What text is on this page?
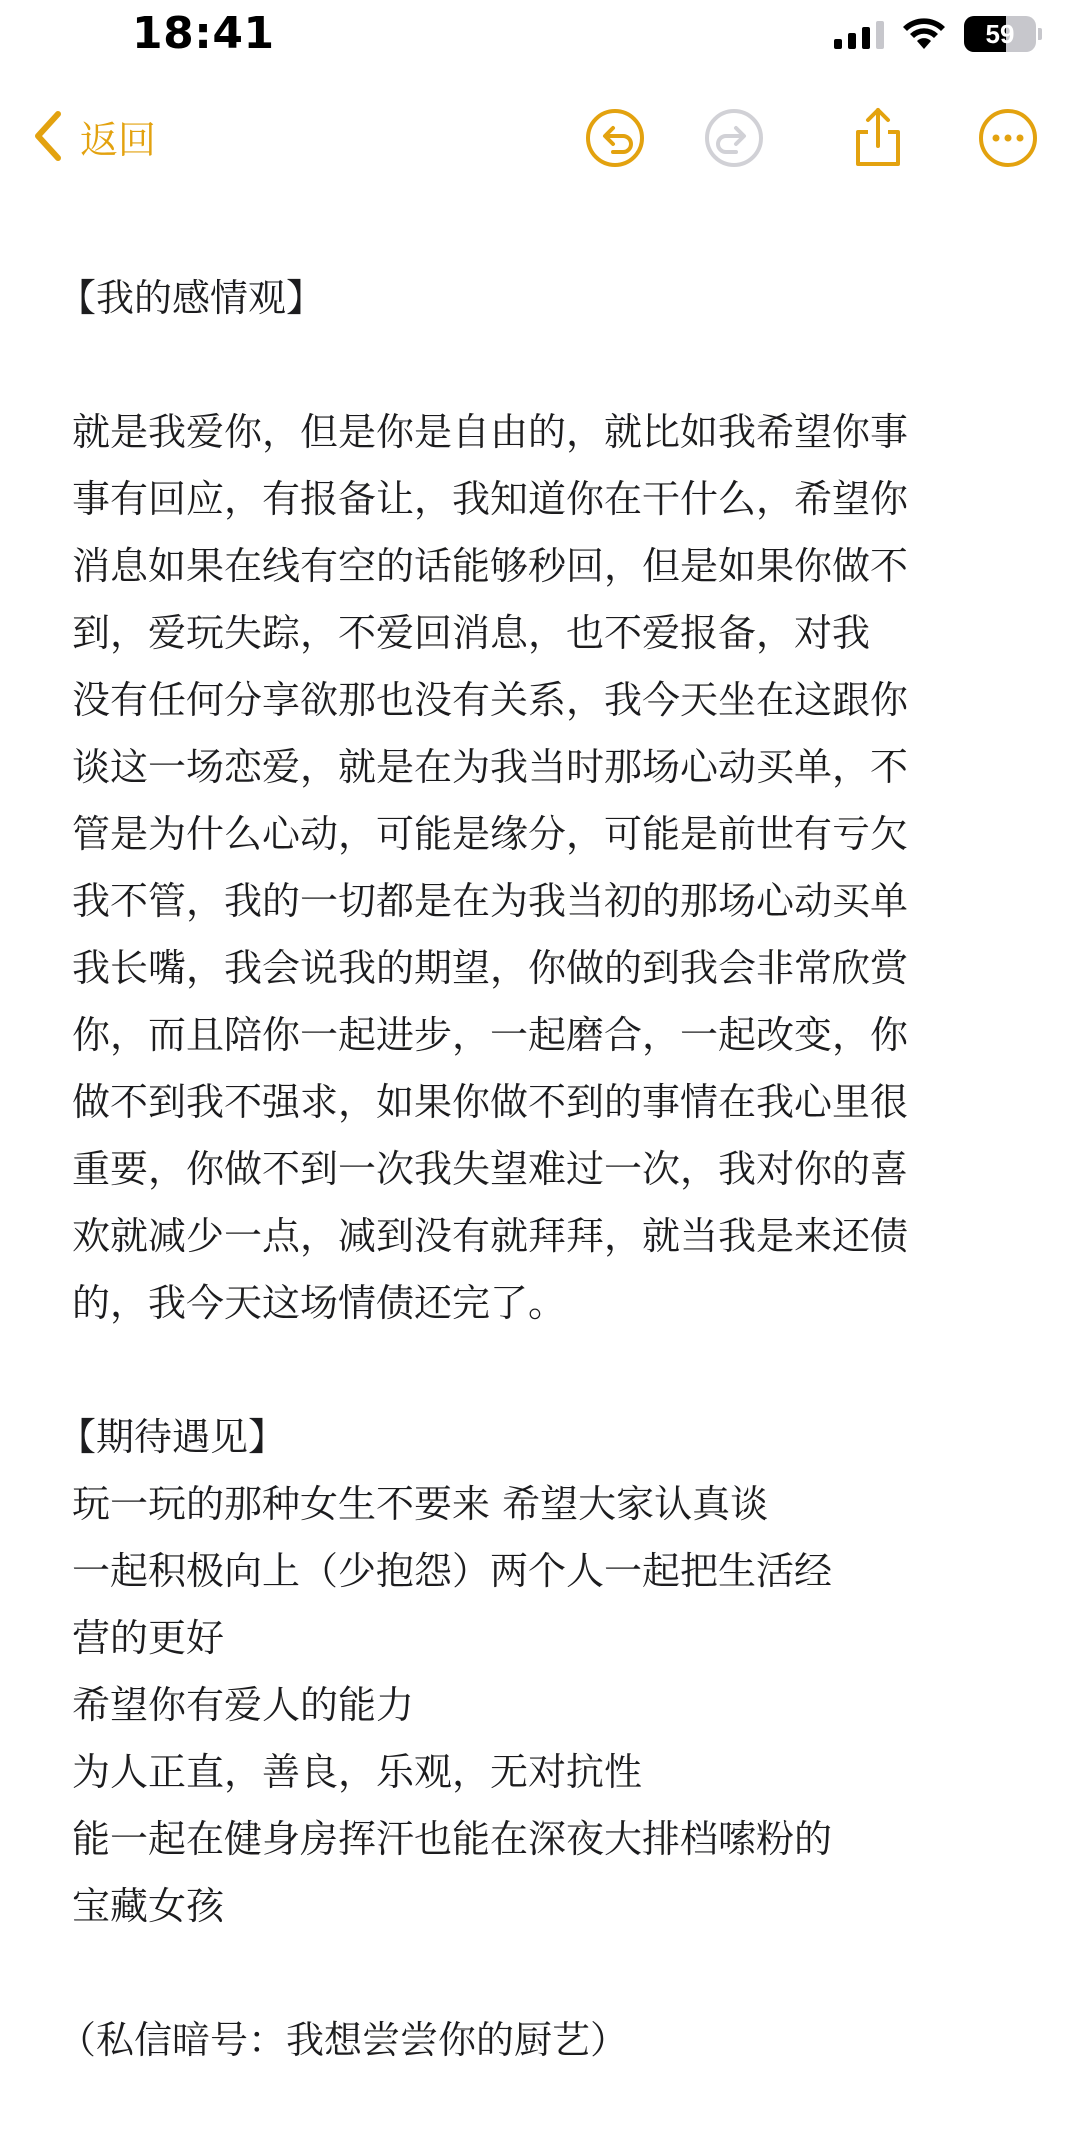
18:41	59
返回

【我的感情观】

就是我爱你，但是你是自由的，就比如我希望你事
事有回应，有报备让，我知道你在干什么，希望你
消息如果在线有空的话能够秒回，但是如果你做不
到，爱玩失踪，不爱回消息，也不爱报备，对我
没有任何分享欲那也没有关系，我今天坐在这跟你
谈这一场恋爱，就是在为我当时那场心动买单，不
管是为什么心动，可能是缘分，可能是前世有亏欠
我不管，我的一切都是在为我当初的那场心动买单
我长嘴，我会说我的期望，你做的到我会非常欣赏
你，而且陪你一起进步，一起磨合，一起改变，你
做不到我不强求，如果你做不到的事情在我心里很
重要，你做不到一次我失望难过一次，我对你的喜
欢就减少一点，减到没有就拜拜，就当我是来还债
的，我今天这场情债还完了。

【期待遇见】

玩一玩的那种女生不要来 希望大家认真谈
一起积极向上（少抱怨）两个人一起把生活经
营的更好
希望你有爱人的能力
为人正直，善良，乐观，无对抗性
能一起在健身房挥汗也能在深夜大排档嗦粉的
宝藏女孩

（私信暗号：我想尝尝你的厨艺）
